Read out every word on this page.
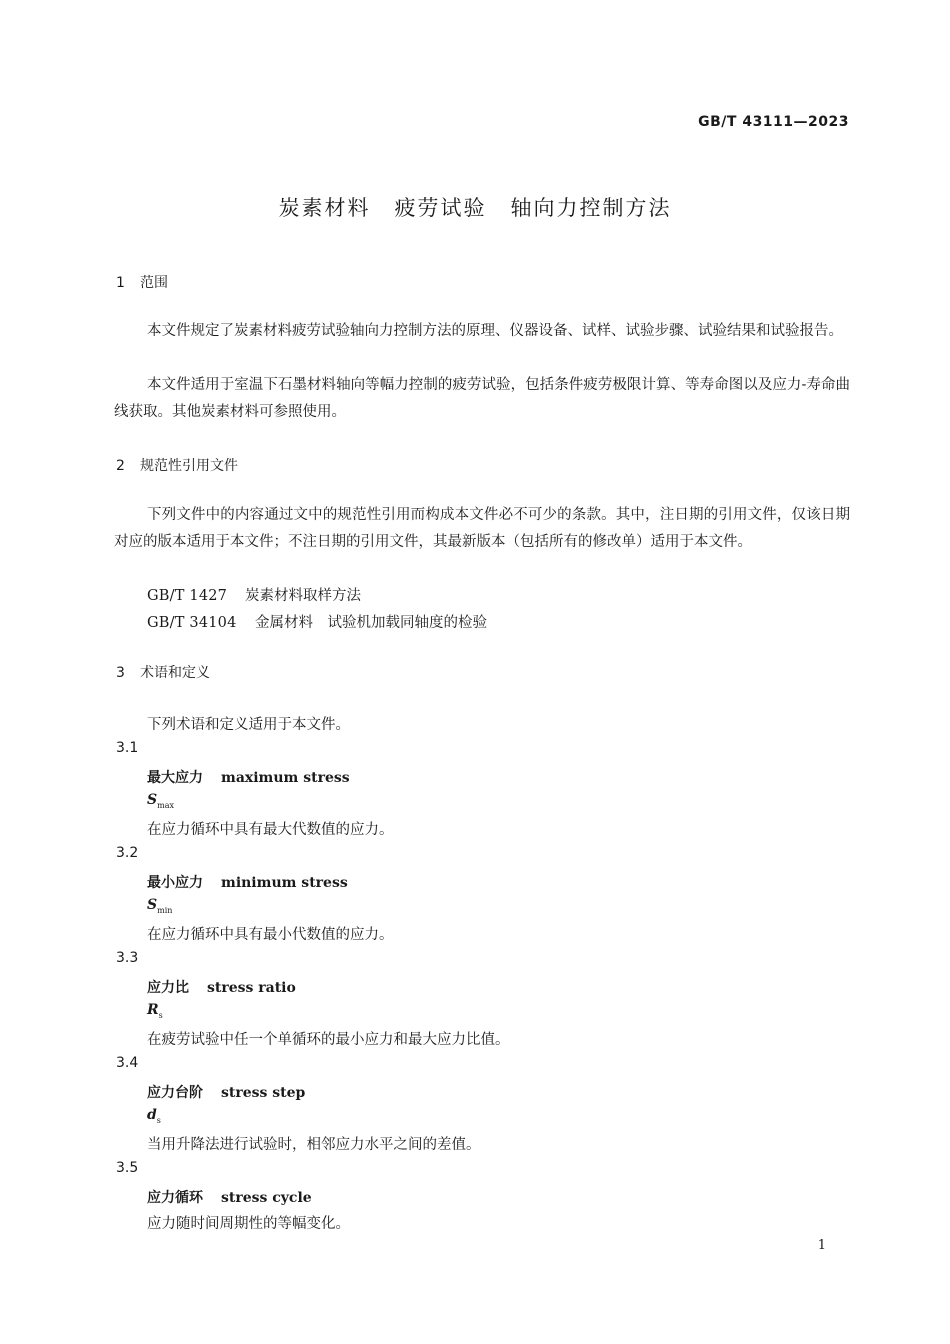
GB/T 43111—2023
炭素材料 疲劳试验 轴向力控制方法
1 范围
本文件规定了炭素材料疲劳试验轴向力控制方法的原理、仪器设备、试样、试验步骤、试验结果和试验报告。
本文件适用于室温下石墨材料轴向等幅力控制的疲劳试验，包括条件疲劳极限计算、等寿命图以及应力-寿命曲线获取。其他炭素材料可参照使用。
2 规范性引用文件
下列文件中的内容通过文中的规范性引用而构成本文件必不可少的条款。其中，注日期的引用文件，仅该日期对应的版本适用于本文件；不注日期的引用文件，其最新版本（包括所有的修改单）适用于本文件。
GB/T 1427 炭素材料取样方法
GB/T 34104 金属材料　试验机加载同轴度的检验
3 术语和定义
下列术语和定义适用于本文件。
3.1
最大应力 maximum stress
$S_{max}$
在应力循环中具有最大代数值的应力。
3.2
最小应力 minimum stress
$S_{min}$
在应力循环中具有最小代数值的应力。
3.3
应力比 stress ratio
$R_s$
在疲劳试验中任一个单循环的最小应力和最大应力比值。
3.4
应力台阶 stress step
$d_s$
当用升降法进行试验时，相邻应力水平之间的差值。
3.5
应力循环 stress cycle
应力随时间周期性的等幅变化。
1
